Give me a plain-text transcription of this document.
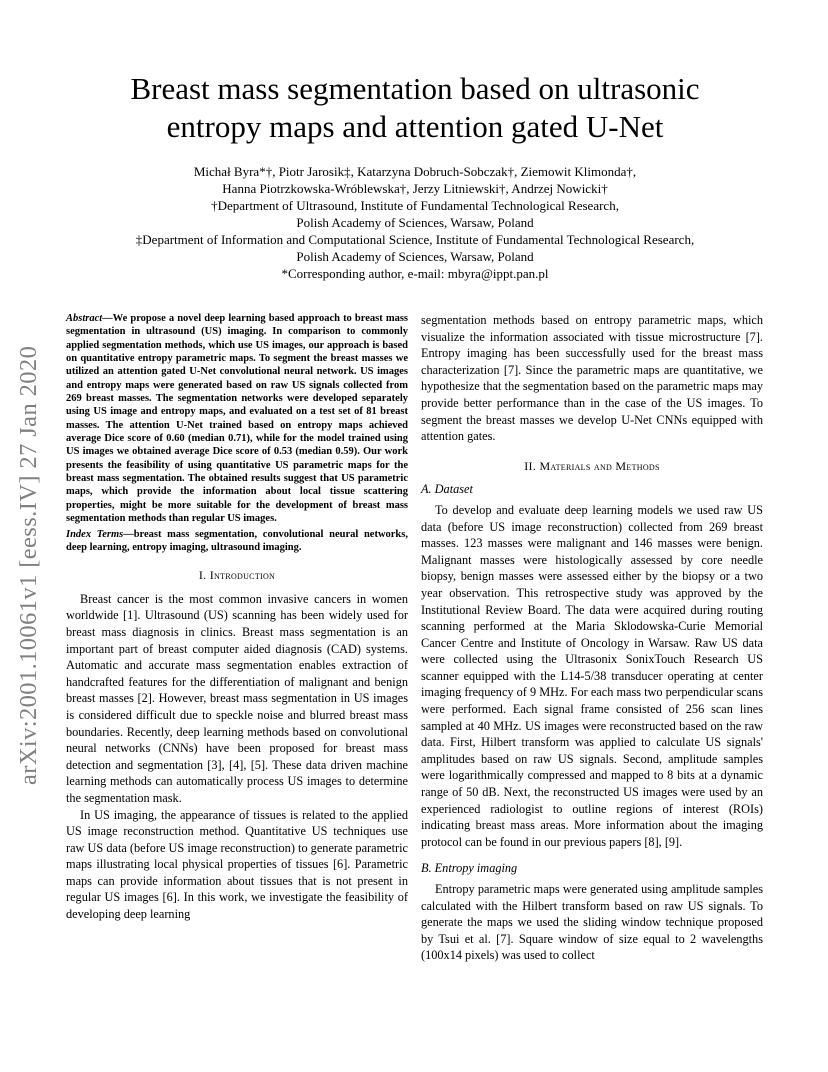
arXiv:2001.10061v1 [eess.IV] 27 Jan 2020
Breast mass segmentation based on ultrasonic
entropy maps and attention gated U-Net
Michał Byra*†, Piotr Jarosik‡, Katarzyna Dobruch-Sobczak†, Ziemowit Klimonda†,
Hanna Piotrzkowska-Wróblewska†, Jerzy Litniewski†, Andrzej Nowicki†
†Department of Ultrasound, Institute of Fundamental Technological Research,
Polish Academy of Sciences, Warsaw, Poland
‡Department of Information and Computational Science, Institute of Fundamental Technological Research,
Polish Academy of Sciences, Warsaw, Poland
*Corresponding author, e-mail: mbyra@ippt.pan.pl
Abstract—We propose a novel deep learning based approach to breast mass segmentation in ultrasound (US) imaging. In comparison to commonly applied segmentation methods, which use US images, our approach is based on quantitative entropy parametric maps. To segment the breast masses we utilized an attention gated U-Net convolutional neural network. US images and entropy maps were generated based on raw US signals collected from 269 breast masses. The segmentation networks were developed separately using US image and entropy maps, and evaluated on a test set of 81 breast masses. The attention U-Net trained based on entropy maps achieved average Dice score of 0.60 (median 0.71), while for the model trained using US images we obtained average Dice score of 0.53 (median 0.59). Our work presents the feasibility of using quantitative US parametric maps for the breast mass segmentation. The obtained results suggest that US parametric maps, which provide the information about local tissue scattering properties, might be more suitable for the development of breast mass segmentation methods than regular US images.
Index Terms—breast mass segmentation, convolutional neural networks, deep learning, entropy imaging, ultrasound imaging.
I. Introduction

Breast cancer is the most common invasive cancers in women worldwide [1]. Ultrasound (US) scanning has been widely used for breast mass diagnosis in clinics. Breast mass segmentation is an important part of breast computer aided diagnosis (CAD) systems. Automatic and accurate mass segmentation enables extraction of handcrafted features for the differentiation of malignant and benign breast masses [2]. However, breast mass segmentation in US images is considered difficult due to speckle noise and blurred breast mass boundaries. Recently, deep learning methods based on convolutional neural networks (CNNs) have been proposed for breast mass detection and segmentation [3], [4], [5]. These data driven machine learning methods can automatically process US images to determine the segmentation mask.

In US imaging, the appearance of tissues is related to the applied US image reconstruction method. Quantitative US techniques use raw US data (before US image reconstruction) to generate parametric maps illustrating local physical properties of tissues [6]. Parametric maps can provide information about tissues that is not present in regular US images [6]. In this work, we investigate the feasibility of developing deep learning

segmentation methods based on entropy parametric maps, which visualize the information associated with tissue microstructure [7]. Entropy imaging has been successfully used for the breast mass characterization [7]. Since the parametric maps are quantitative, we hypothesize that the segmentation based on the parametric maps may provide better performance than in the case of the US images. To segment the breast masses we develop U-Net CNNs equipped with attention gates.

II. Materials and Methods
A. Dataset

To develop and evaluate deep learning models we used raw US data (before US image reconstruction) collected from 269 breast masses. 123 masses were malignant and 146 masses were benign. Malignant masses were histologically assessed by core needle biopsy, benign masses were assessed either by the biopsy or a two year observation. This retrospective study was approved by the Institutional Review Board. The data were acquired during routing scanning performed at the Maria Sklodowska-Curie Memorial Cancer Centre and Institute of Oncology in Warsaw. Raw US data were collected using the Ultrasonix SonixTouch Research US scanner equipped with the L14-5/38 transducer operating at center imaging frequency of 9 MHz. For each mass two perpendicular scans were performed. Each signal frame consisted of 256 scan lines sampled at 40 MHz. US images were reconstructed based on the raw data. First, Hilbert transform was applied to calculate US signals' amplitudes based on raw US signals. Second, amplitude samples were logarithmically compressed and mapped to 8 bits at a dynamic range of 50 dB. Next, the reconstructed US images were used by an experienced radiologist to outline regions of interest (ROIs) indicating breast mass areas. More information about the imaging protocol can be found in our previous papers [8], [9].

B. Entropy imaging

Entropy parametric maps were generated using amplitude samples calculated with the Hilbert transform based on raw US signals. To generate the maps we used the sliding window technique proposed by Tsui et al. [7]. Square window of size equal to 2 wavelengths (100x14 pixels) was used to collect
